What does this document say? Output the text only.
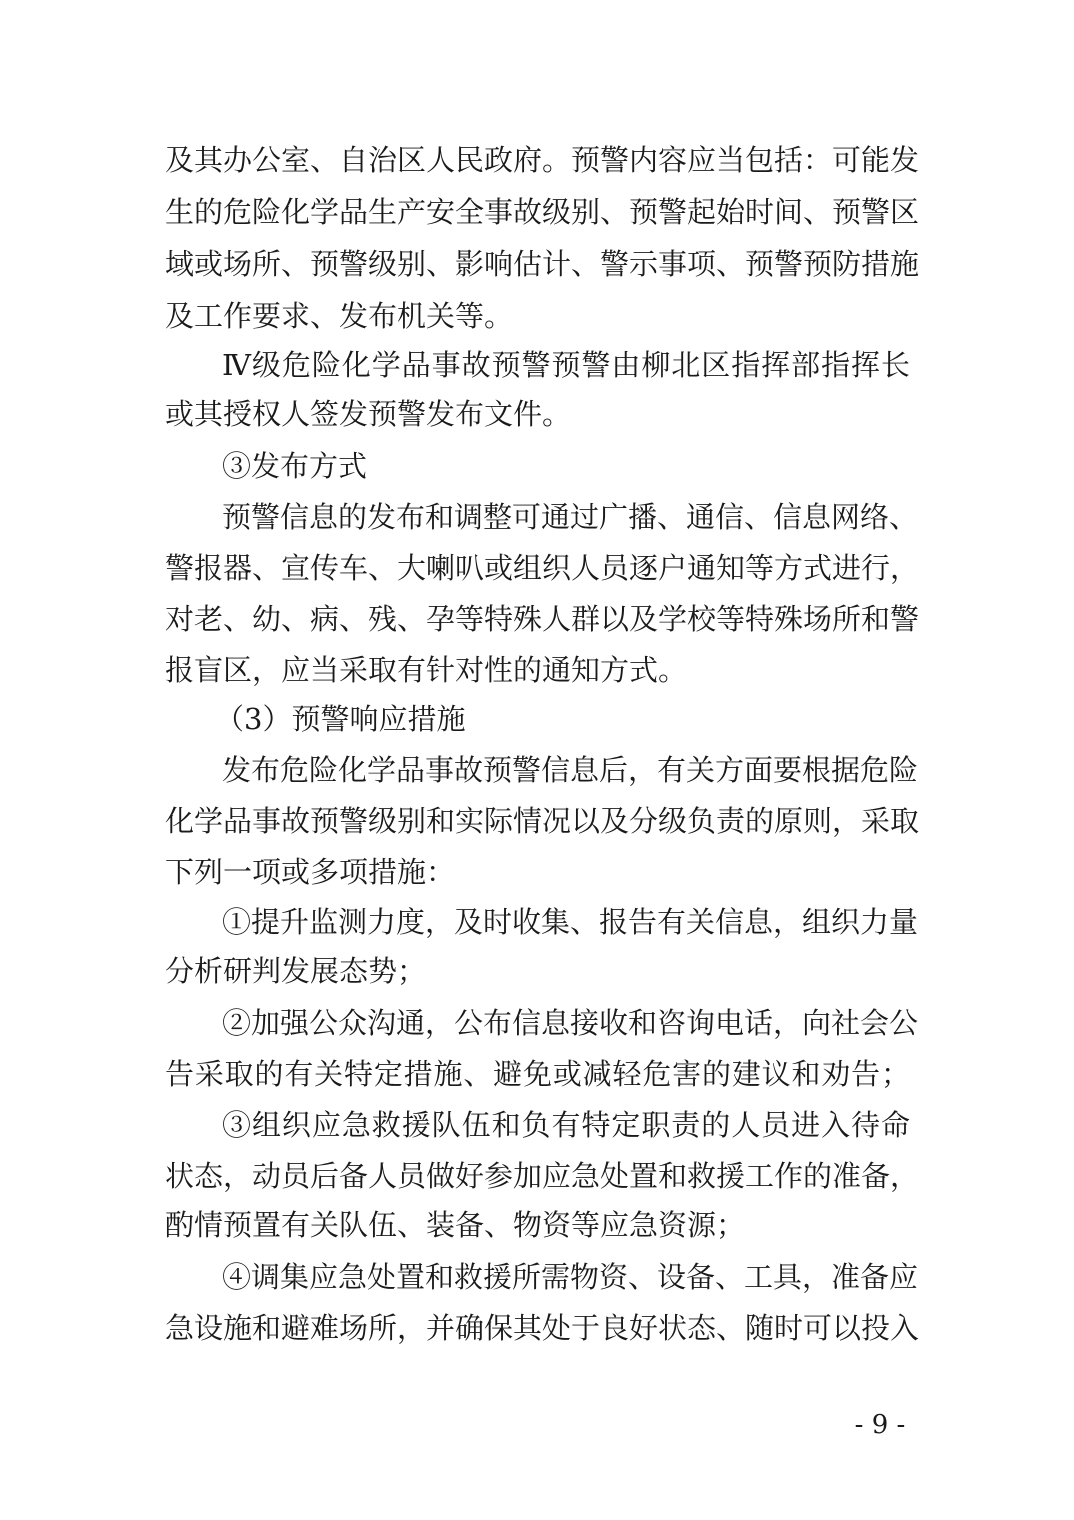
及其办公室、自治区人民政府。预警内容应当包括：可能发
生的危险化学品生产安全事故级别、预警起始时间、预警区
域或场所、预警级别、影响估计、警示事项、预警预防措施
及工作要求、发布机关等。
Ⅳ级危险化学品事故预警预警由柳北区指挥部指挥长
或其授权人签发预警发布文件。
③发布方式
预警信息的发布和调整可通过广播、通信、信息网络、
警报器、宣传车、大喇叭或组织人员逐户通知等方式进行，
对老、幼、病、残、孕等特殊人群以及学校等特殊场所和警
报盲区，应当采取有针对性的通知方式。
（3）预警响应措施
发布危险化学品事故预警信息后，有关方面要根据危险
化学品事故预警级别和实际情况以及分级负责的原则，采取
下列一项或多项措施：
①提升监测力度，及时收集、报告有关信息，组织力量
分析研判发展态势；
②加强公众沟通，公布信息接收和咨询电话，向社会公
告采取的有关特定措施、避免或减轻危害的建议和劝告；
③组织应急救援队伍和负有特定职责的人员进入待命
状态，动员后备人员做好参加应急处置和救援工作的准备，
酌情预置有关队伍、装备、物资等应急资源；
④调集应急处置和救援所需物资、设备、工具，准备应
急设施和避难场所，并确保其处于良好状态、随时可以投入
- 9 -
